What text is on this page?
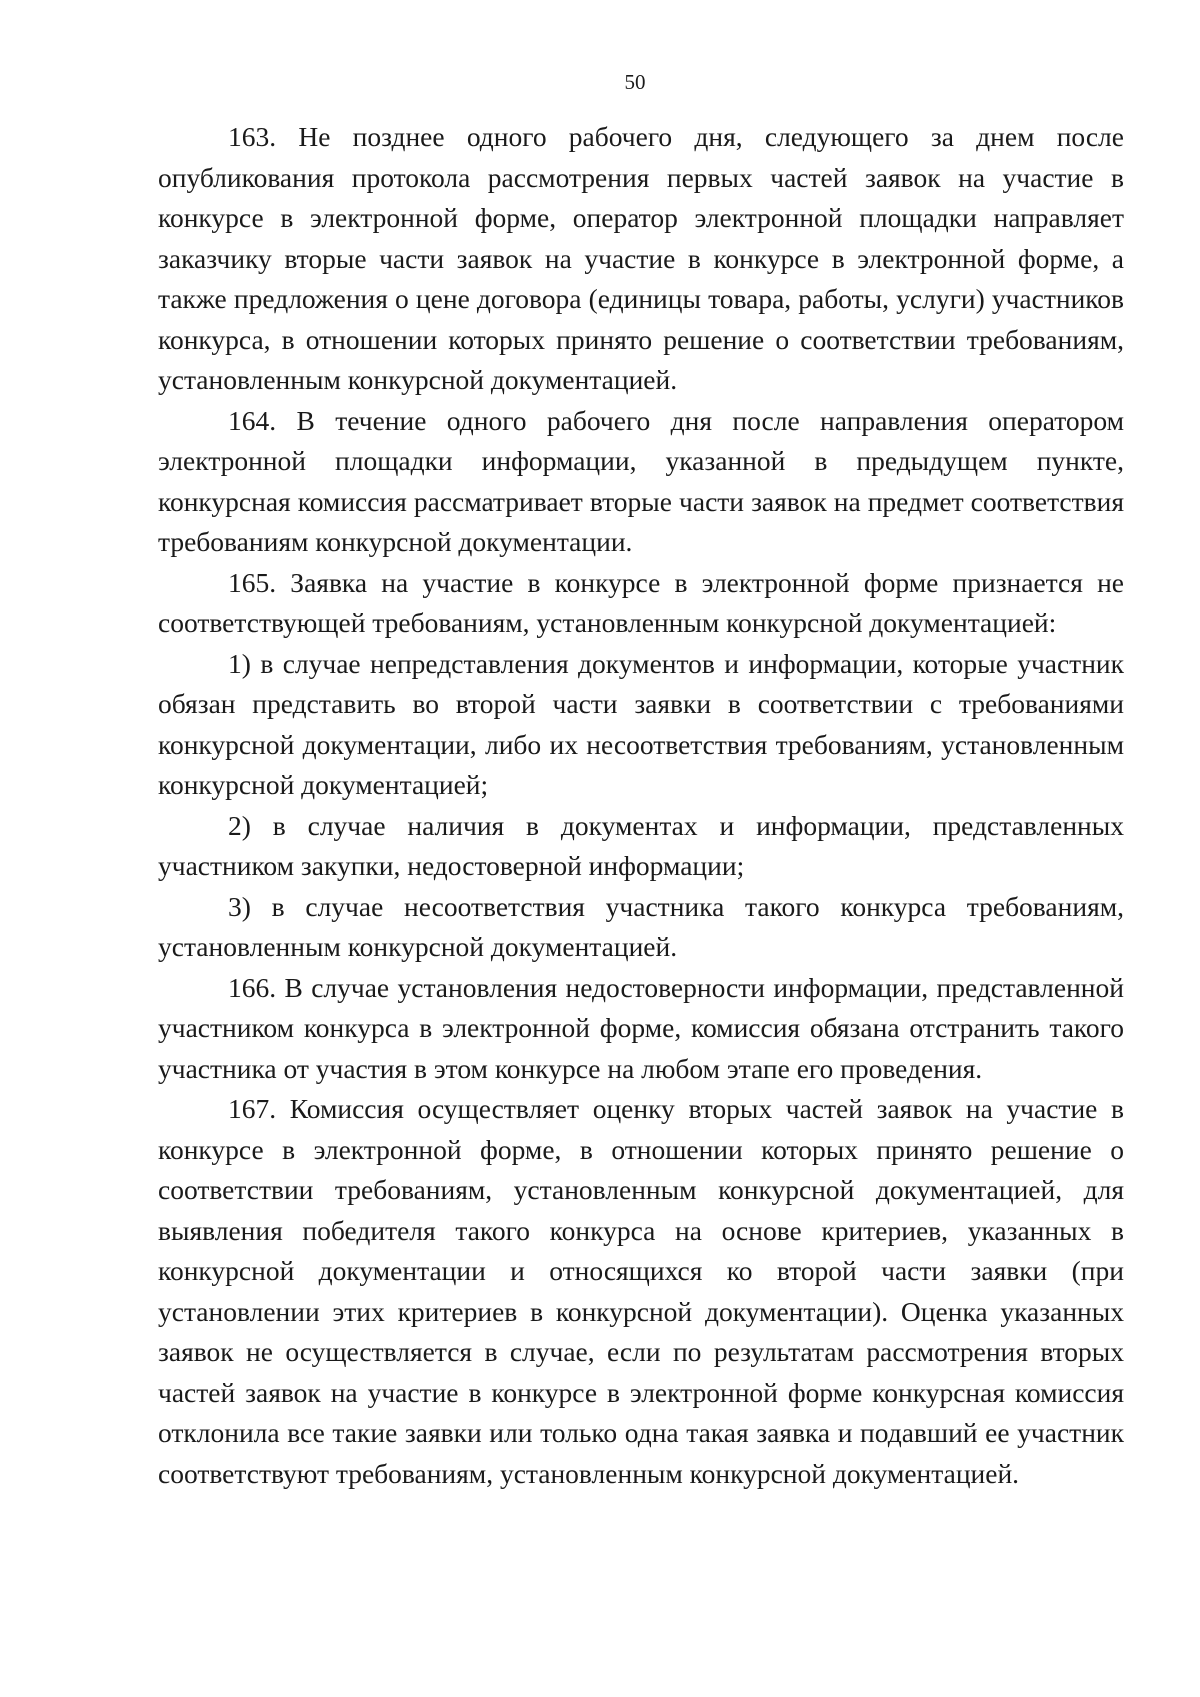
50

163. Не позднее одного рабочего дня, следующего за днем после опубликования протокола рассмотрения первых частей заявок на участие в конкурсе в электронной форме, оператор электронной площадки направляет заказчику вторые части заявок на участие в конкурсе в электронной форме, а также предложения о цене договора (единицы товара, работы, услуги) участников конкурса, в отношении которых принято решение о соответствии требованиям, установленным конкурсной документацией.

164. В течение одного рабочего дня после направления оператором электронной площадки информации, указанной в предыдущем пункте, конкурсная комиссия рассматривает вторые части заявок на предмет соответствия требованиям конкурсной документации.

165. Заявка на участие в конкурсе в электронной форме признается не соответствующей требованиям, установленным конкурсной документацией:

1) в случае непредставления документов и информации, которые участник обязан представить во второй части заявки в соответствии с требованиями конкурсной документации, либо их несоответствия требованиям, установленным конкурсной документацией;

2) в случае наличия в документах и информации, представленных участником закупки, недостоверной информации;

3) в случае несоответствия участника такого конкурса требованиям, установленным конкурсной документацией.

166. В случае установления недостоверности информации, представленной участником конкурса в электронной форме, комиссия обязана отстранить такого участника от участия в этом конкурсе на любом этапе его проведения.

167. Комиссия осуществляет оценку вторых частей заявок на участие в конкурсе в электронной форме, в отношении которых принято решение о соответствии требованиям, установленным конкурсной документацией, для выявления победителя такого конкурса на основе критериев, указанных в конкурсной документации и относящихся ко второй части заявки (при установлении этих критериев в конкурсной документации). Оценка указанных заявок не осуществляется в случае, если по результатам рассмотрения вторых частей заявок на участие в конкурсе в электронной форме конкурсная комиссия отклонила все такие заявки или только одна такая заявка и подавший ее участник соответствуют требованиям, установленным конкурсной документацией.
